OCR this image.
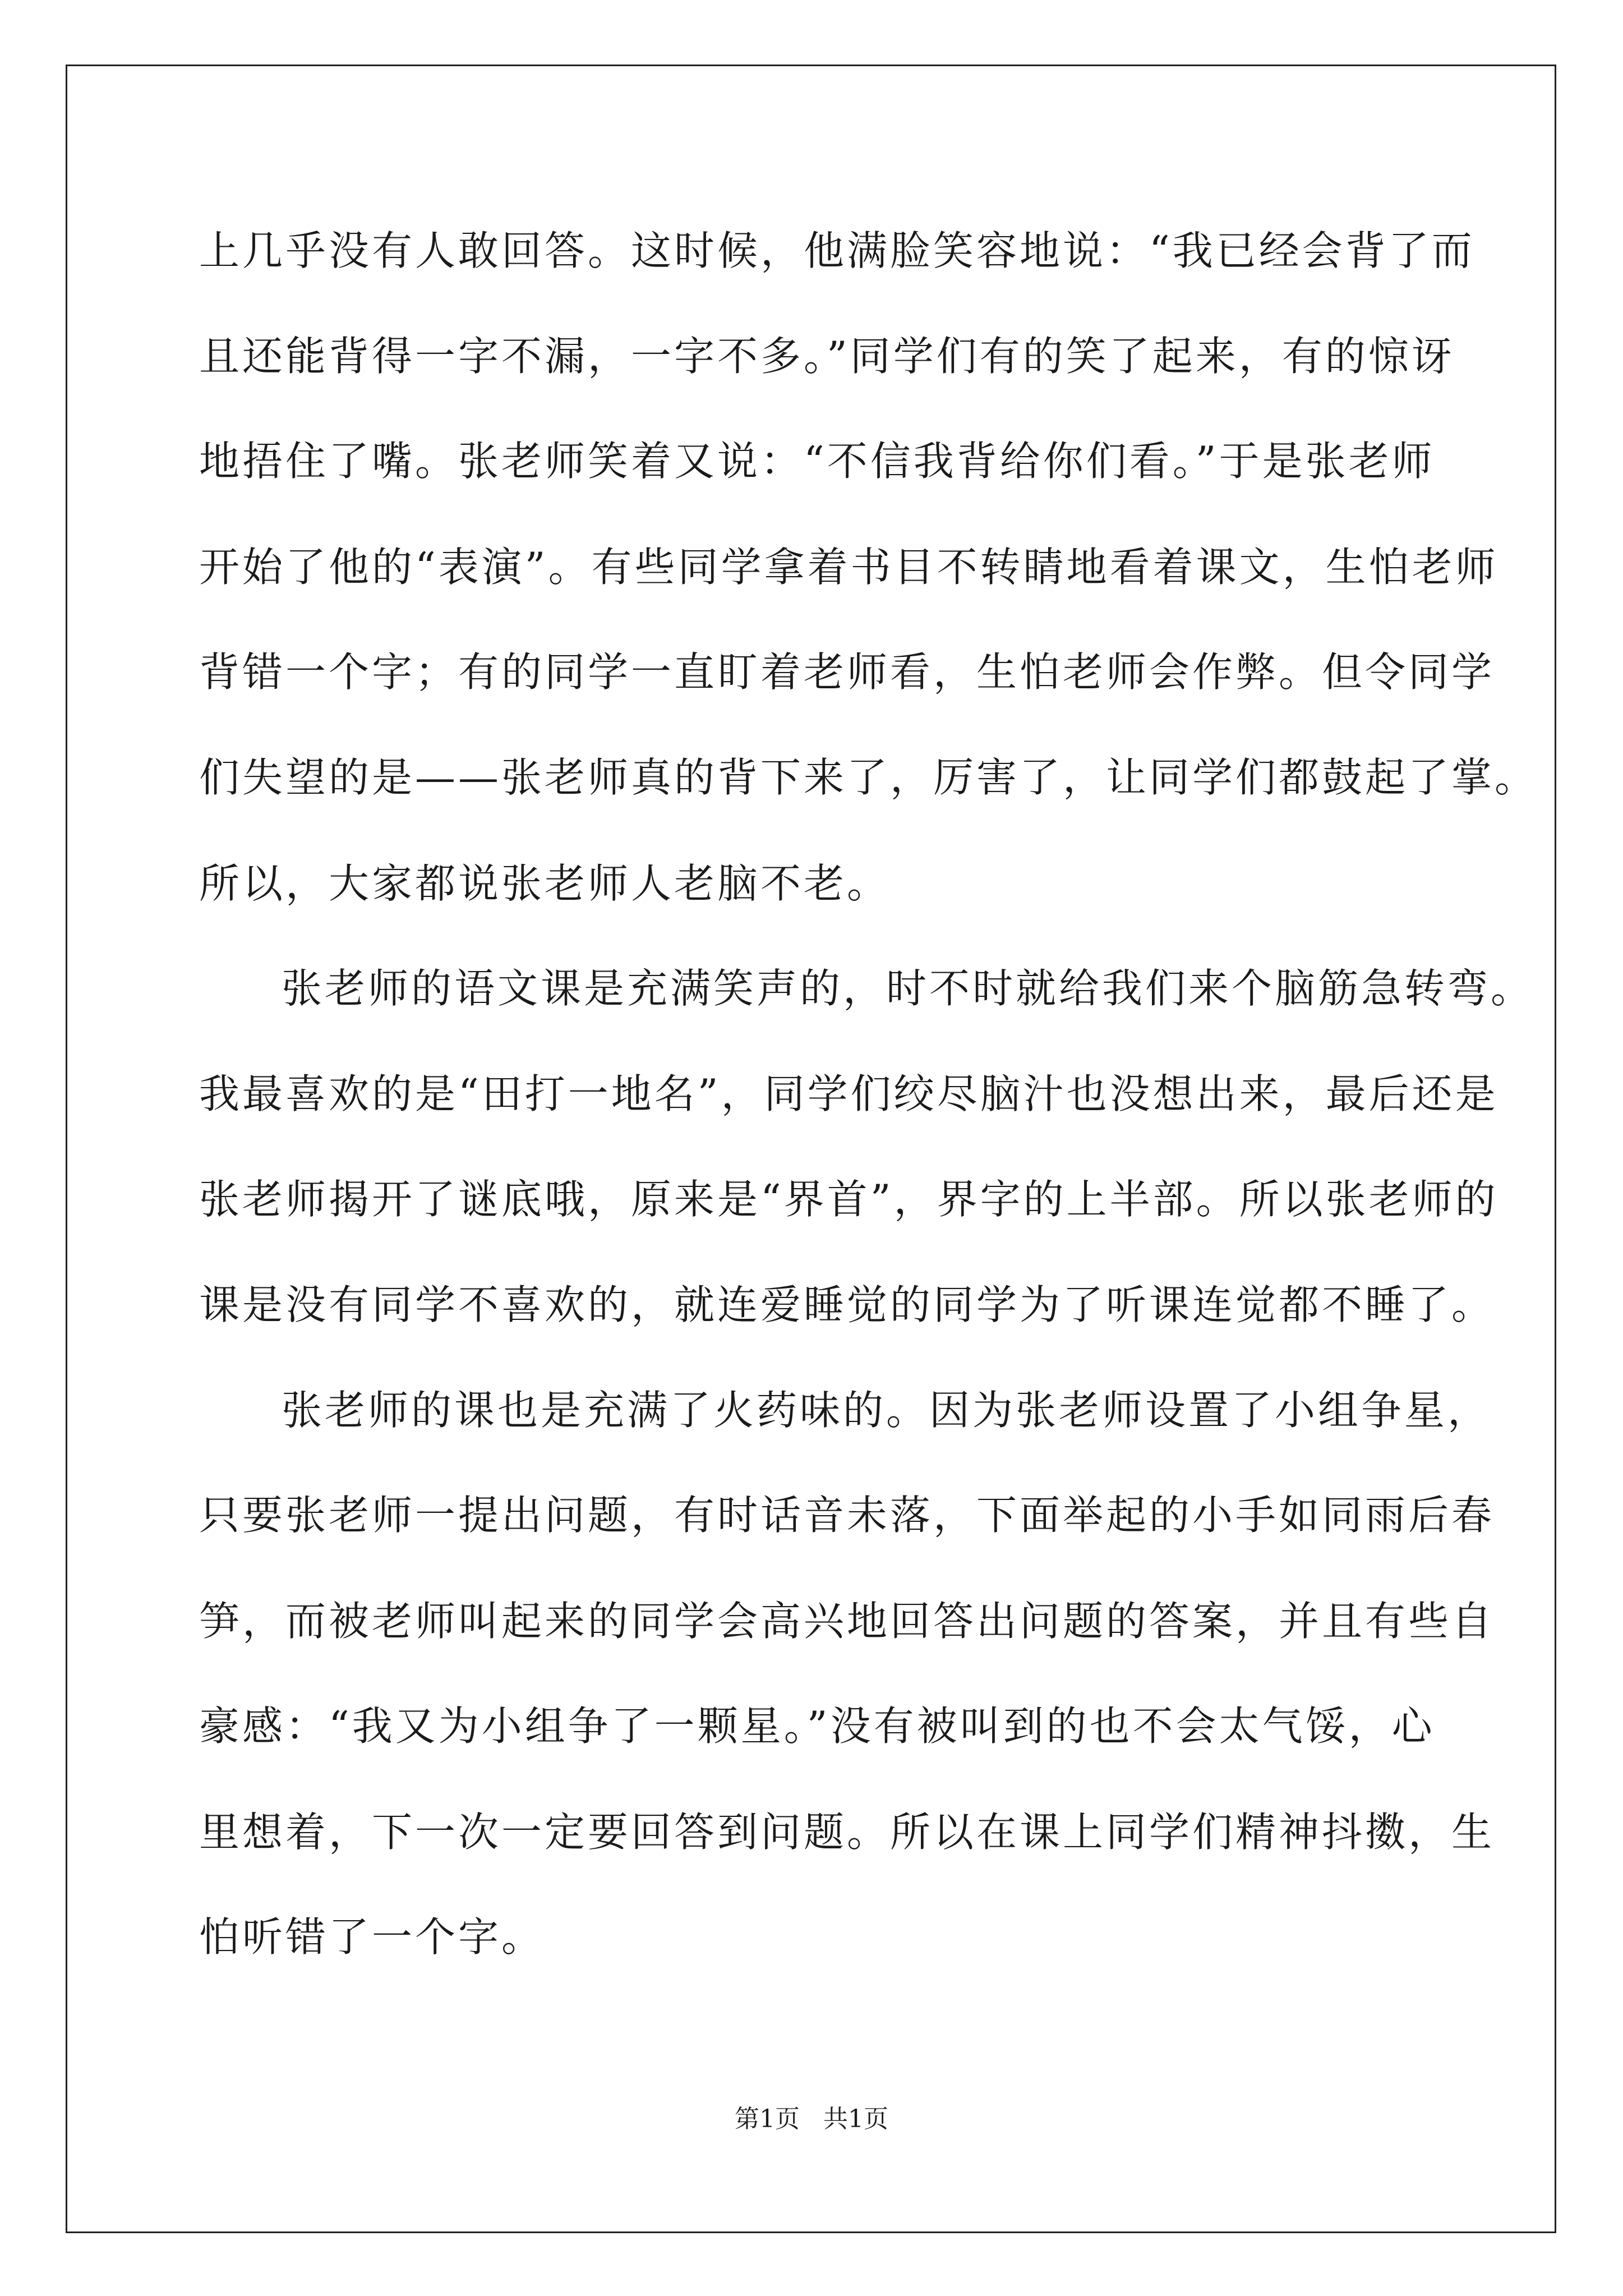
上几乎没有人敢回答。这时候，他满脸笑容地说：“我已经会背了而
且还能背得一字不漏，一字不多。”同学们有的笑了起来，有的惊讶
地捂住了嘴。张老师笑着又说：“不信我背给你们看。”于是张老师
开始了他的“表演”。有些同学拿着书目不转睛地看着课文，生怕老师
背错一个字；有的同学一直盯着老师看，生怕老师会作弊。但令同学
们失望的是——张老师真的背下来了，厉害了，让同学们都鼓起了掌。
所以，大家都说张老师人老脑不老。
张老师的语文课是充满笑声的，时不时就给我们来个脑筋急转弯。
我最喜欢的是“田打一地名”，同学们绞尽脑汁也没想出来，最后还是
张老师揭开了谜底哦，原来是“界首”，界字的上半部。所以张老师的
课是没有同学不喜欢的，就连爱睡觉的同学为了听课连觉都不睡了。
张老师的课也是充满了火药味的。因为张老师设置了小组争星，
只要张老师一提出问题，有时话音未落，下面举起的小手如同雨后春
笋，而被老师叫起来的同学会高兴地回答出问题的答案，并且有些自
豪感：“我又为小组争了一颗星。”没有被叫到的也不会太气馁，心
里想着，下一次一定要回答到问题。所以在课上同学们精神抖擞，生
怕听错了一个字。
第1页   共1页
